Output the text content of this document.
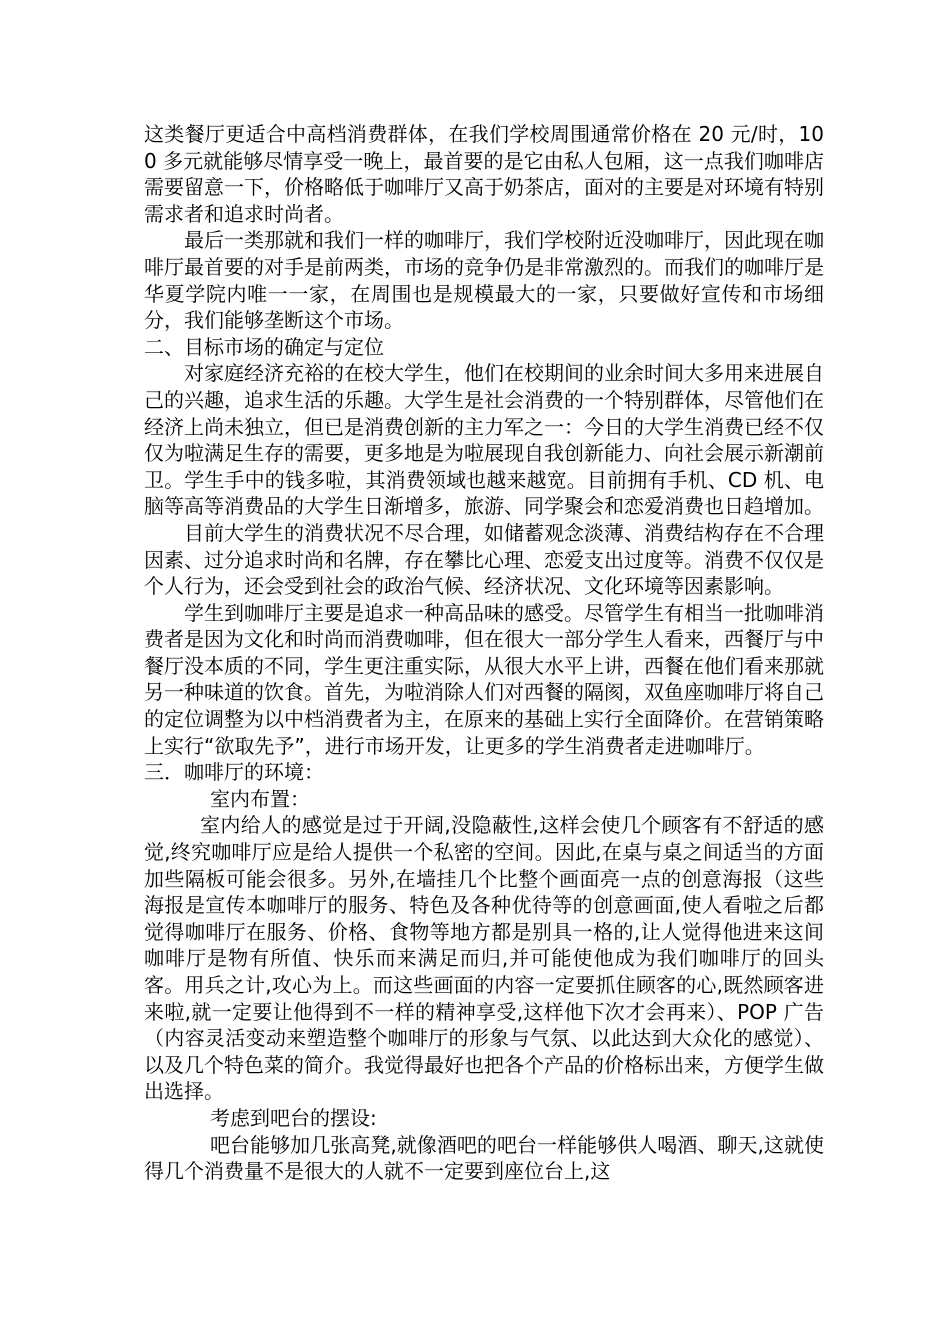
这类餐厅更适合中高档消费群体，在我们学校周围通常价格在 20 元/时，100 多元就能够尽情享受一晚上，最首要的是它由私人包厢，这一点我们咖啡店需要留意一下，价格略低于咖啡厅又高于奶茶店，面对的主要是对环境有特别需求者和追求时尚者。

最后一类那就和我们一样的咖啡厅，我们学校附近没咖啡厅，因此现在咖啡厅最首要的对手是前两类，市场的竞争仍是非常激烈的。而我们的咖啡厅是华夏学院内唯一一家，在周围也是规模最大的一家，只要做好宣传和市场细分，我们能够垄断这个市场。

二、目标市场的确定与定位

对家庭经济充裕的在校大学生，他们在校期间的业余时间大多用来进展自己的兴趣，追求生活的乐趣。大学生是社会消费的一个特别群体，尽管他们在经济上尚未独立，但已是消费创新的主力军之一：今日的大学生消费已经不仅仅为啦满足生存的需要，更多地是为啦展现自我创新能力、向社会展示新潮前卫。学生手中的钱多啦，其消费领域也越来越宽。目前拥有手机、CD 机、电脑等高等消费品的大学生日渐增多，旅游、同学聚会和恋爱消费也日趋增加。

目前大学生的消费状况不尽合理，如储蓄观念淡薄、消费结构存在不合理因素、过分追求时尚和名牌，存在攀比心理、恋爱支出过度等。消费不仅仅是个人行为，还会受到社会的政治气候、经济状况、文化环境等因素影响。

学生到咖啡厅主要是追求一种高品味的感受。尽管学生有相当一批咖啡消费者是因为文化和时尚而消费咖啡，但在很大一部分学生人看来，西餐厅与中餐厅没本质的不同，学生更注重实际，从很大水平上讲，西餐在他们看来那就另一种味道的饮食。首先，为啦消除人们对西餐的隔阂，双鱼座咖啡厅将自己的定位调整为以中档消费者为主，在原来的基础上实行全面降价。在营销策略上实行“欲取先予”，进行市场开发，让更多的学生消费者走进咖啡厅。

三．咖啡厅的环境：

室内布置：

室内给人的感觉是过于开阔,没隐蔽性,这样会使几个顾客有不舒适的感觉,终究咖啡厅应是给人提供一个私密的空间。因此,在桌与桌之间适当的方面加些隔板可能会很多。另外,在墙挂几个比整个画面亮一点的创意海报（这些海报是宣传本咖啡厅的服务、特色及各种优待等的创意画面,使人看啦之后都觉得咖啡厅在服务、价格、食物等地方都是别具一格的,让人觉得他进来这间咖啡厅是物有所值、快乐而来满足而归,并可能使他成为我们咖啡厅的回头客。用兵之计,攻心为上。而这些画面的内容一定要抓住顾客的心,既然顾客进来啦,就一定要让他得到不一样的精神享受,这样他下次才会再来）、POP 广告（内容灵活变动来塑造整个咖啡厅的形象与气氛、以此达到大众化的感觉）、以及几个特色菜的简介。我觉得最好也把各个产品的价格标出来，方便学生做出选择。

考虑到吧台的摆设:

吧台能够加几张高凳,就像酒吧的吧台一样能够供人喝酒、聊天,这就使得几个消费量不是很大的人就不一定要到座位台上,这
